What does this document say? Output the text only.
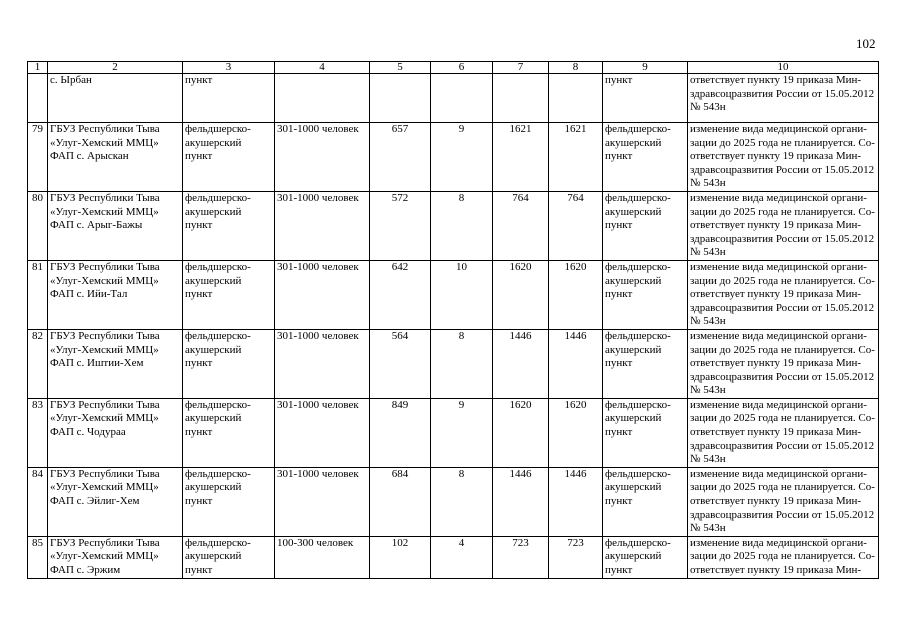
102
1	2	3	4	5	6	7	8	9	10

	с. Ырбан	пункт						пункт	ответствует пункту 19 приказа Мин-
здравсоцразвития России от 15.05.2012
№ 543н

79	ГБУЗ Республики Тыва
«Улуг-Хемский ММЦ»
ФАП с. Арыскан	фельдшерско-
акушерский
пункт	301-1000 человек	657	9	1621	1621	фельдшерско-
акушерский
пункт	изменение вида медицинской органи-
зации до 2025 года не планируется. Со-
ответствует пункту 19 приказа Мин-
здравсоцразвития России от 15.05.2012
№ 543н

80	ГБУЗ Республики Тыва
«Улуг-Хемский ММЦ»
ФАП с. Арыг-Бажы	фельдшерско-
акушерский
пункт	301-1000 человек	572	8	764	764	фельдшерско-
акушерский
пункт	изменение вида медицинской органи-
зации до 2025 года не планируется. Со-
ответствует пункту 19 приказа Мин-
здравсоцразвития России от 15.05.2012
№ 543н

81	ГБУЗ Республики Тыва
«Улуг-Хемский ММЦ»
ФАП с. Ийи-Тал	фельдшерско-
акушерский
пункт	301-1000 человек	642	10	1620	1620	фельдшерско-
акушерский
пункт	изменение вида медицинской органи-
зации до 2025 года не планируется. Со-
ответствует пункту 19 приказа Мин-
здравсоцразвития России от 15.05.2012
№ 543н

82	ГБУЗ Республики Тыва
«Улуг-Хемский ММЦ»
ФАП с. Иштии-Хем	фельдшерско-
акушерский
пункт	301-1000 человек	564	8	1446	1446	фельдшерско-
акушерский
пункт	изменение вида медицинской органи-
зации до 2025 года не планируется. Со-
ответствует пункту 19 приказа Мин-
здравсоцразвития России от 15.05.2012
№ 543н

83	ГБУЗ Республики Тыва
«Улуг-Хемский ММЦ»
ФАП с. Чодураа	фельдшерско-
акушерский
пункт	301-1000 человек	849	9	1620	1620	фельдшерско-
акушерский
пункт	изменение вида медицинской органи-
зации до 2025 года не планируется. Со-
ответствует пункту 19 приказа Мин-
здравсоцразвития России от 15.05.2012
№ 543н

84	ГБУЗ Республики Тыва
«Улуг-Хемский ММЦ»
ФАП с. Эйлиг-Хем	фельдшерско-
акушерский
пункт	301-1000 человек	684	8	1446	1446	фельдшерско-
акушерский
пункт	изменение вида медицинской органи-
зации до 2025 года не планируется. Со-
ответствует пункту 19 приказа Мин-
здравсоцразвития России от 15.05.2012
№ 543н

85	ГБУЗ Республики Тыва
«Улуг-Хемский ММЦ»
ФАП с. Эржим	фельдшерско-
акушерский
пункт	100-300 человек	102	4	723	723	фельдшерско-
акушерский
пункт	изменение вида медицинской органи-
зации до 2025 года не планируется. Со-
ответствует пункту 19 приказа Мин-
